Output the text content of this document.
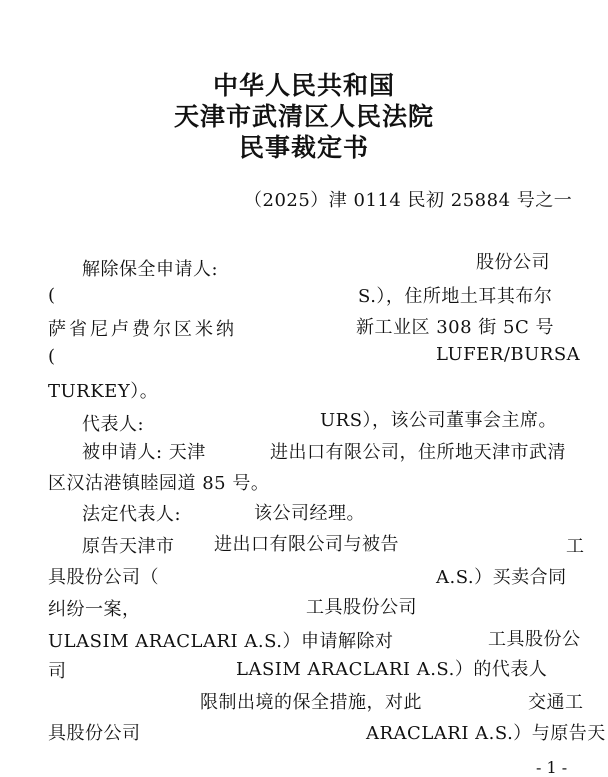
中华人民共和国
天津市武清区人民法院
民事裁定书
（2025）津 0114 民初 25884 号之一
解除保全申请人:	股份公司
(	S.），住所地土耳其布尔
萨省尼卢费尔区米纳	新工业区 308 街 5C 号
(	LUFER/BURSA
TURKEY）。
代表人:	URS），该公司董事会主席。
被申请人: 天津	进出口有限公司，住所地天津市武清
区汉沽港镇睦园道 85 号。
法定代表人:	该公司经理。
原告天津市 进出口有限公司与被告	工
具股份公司（	A.S.）买卖合同
纠纷一案，	工具股份公司
ULASIM ARACLARI A.S.）申请解除对	工具股份公
司	LASIM ARACLARI A.S.）的代表人
限制出境的保全措施，对此	交通工
具股份公司	ARACLARI A.S.）与原告天
- 1 -
